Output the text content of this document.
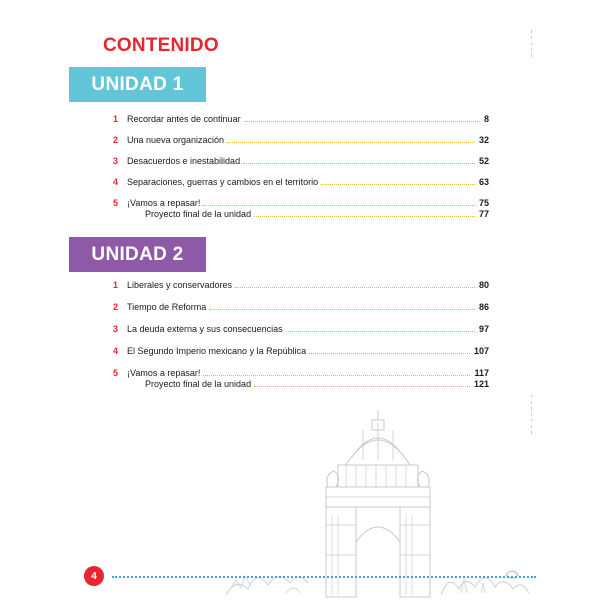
CONTENIDO
UNIDAD 1
1 Recordar antes de continuar	8
2 Una nueva organización	32
3 Desacuerdos e inestabilidad	52
4 Separaciones, guerras y cambios en el territorio	63
5 ¡Vamos a repasar!	75
Proyecto final de la unidad	77
UNIDAD 2
1 Liberales y conservadores	80
2 Tiempo de Reforma	86
3 La deuda externa y sus consecuencias	97
4 El Segundo Imperio mexicano y la República	107
5 ¡Vamos a repasar!	117
Proyecto final de la unidad	121
4
